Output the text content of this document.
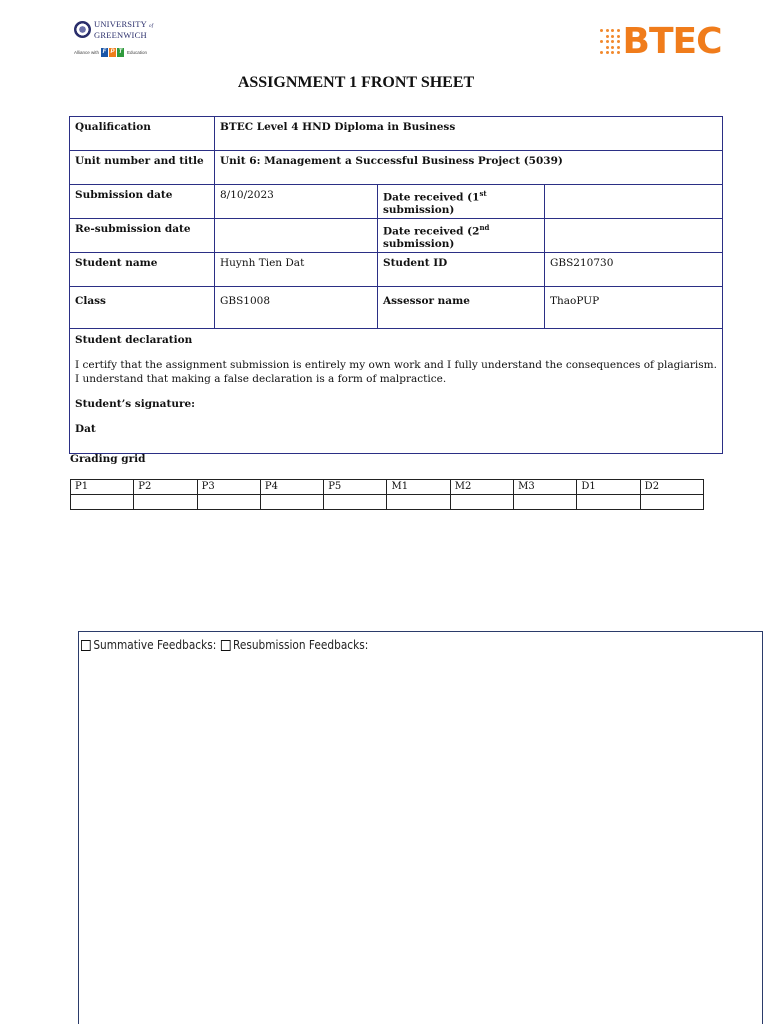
UNIVERSITY of
GREENWICH
Alliance with F P T	Education	BTEC
ASSIGNMENT 1 FRONT SHEET
Qualification	BTEC Level 4 HND Diploma in Business		
Unit number and title	Unit 6: Management a Successful Business Project (5039)		
Submission date	8/10/2023	Date received (1st submission)	
Re-submission date		Date received (2nd submission)	
Student name	Huynh Tien Dat	Student ID	GBS210730
Class	GBS1008	Assessor name	ThaoPUP

Student declaration
I certify that the assignment submission is entirely my own work and I fully understand the consequences of plagiarism. I understand that making a false declaration is a form of malpractice.
Student’s signature:
Dat			
Grading grid
P1	P2	P3	P4	P5	M1	M2	M3	D1	D2

Summative Feedbacks: Resubmission Feedbacks:
